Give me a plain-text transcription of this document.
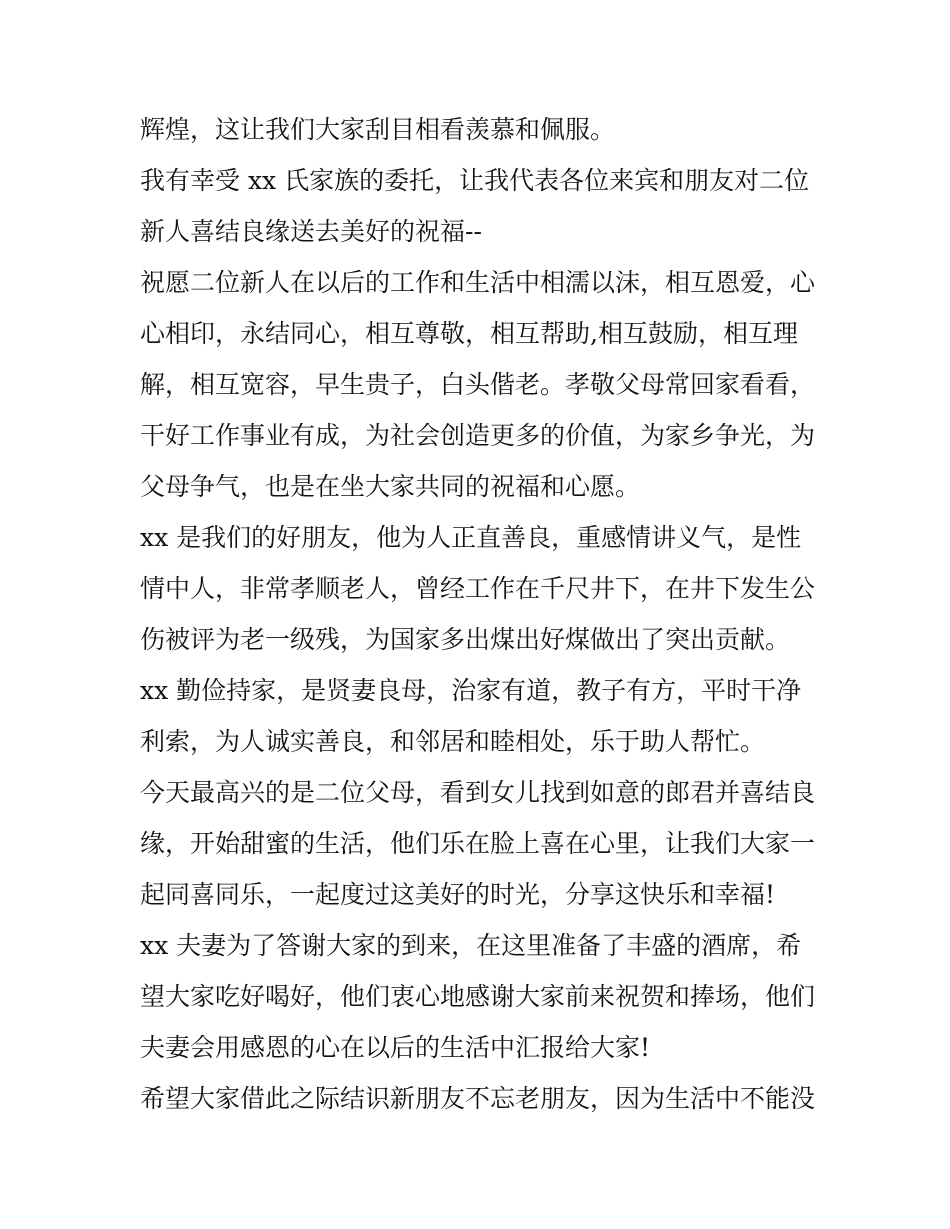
辉煌，这让我们大家刮目相看羡慕和佩服。
我有幸受 xx 氏家族的委托，让我代表各位来宾和朋友对二位
新人喜结良缘送去美好的祝福--
祝愿二位新人在以后的工作和生活中相濡以沫，相互恩爱，心
心相印，永结同心，相互尊敬，相互帮助,相互鼓励，相互理
解，相互宽容，早生贵子，白头偕老。孝敬父母常回家看看，
干好工作事业有成，为社会创造更多的价值，为家乡争光，为
父母争气，也是在坐大家共同的祝福和心愿。
xx 是我们的好朋友，他为人正直善良，重感情讲义气，是性
情中人，非常孝顺老人，曾经工作在千尺井下，在井下发生公
伤被评为老一级残，为国家多出煤出好煤做出了突出贡献。
xx 勤俭持家，是贤妻良母，治家有道，教子有方，平时干净
利索，为人诚实善良，和邻居和睦相处，乐于助人帮忙。
今天最高兴的是二位父母，看到女儿找到如意的郎君并喜结良
缘，开始甜蜜的生活，他们乐在脸上喜在心里，让我们大家一
起同喜同乐，一起度过这美好的时光，分享这快乐和幸福!
xx 夫妻为了答谢大家的到来，在这里准备了丰盛的酒席，希
望大家吃好喝好，他们衷心地感谢大家前来祝贺和捧场，他们
夫妻会用感恩的心在以后的生活中汇报给大家!
希望大家借此之际结识新朋友不忘老朋友，因为生活中不能没
